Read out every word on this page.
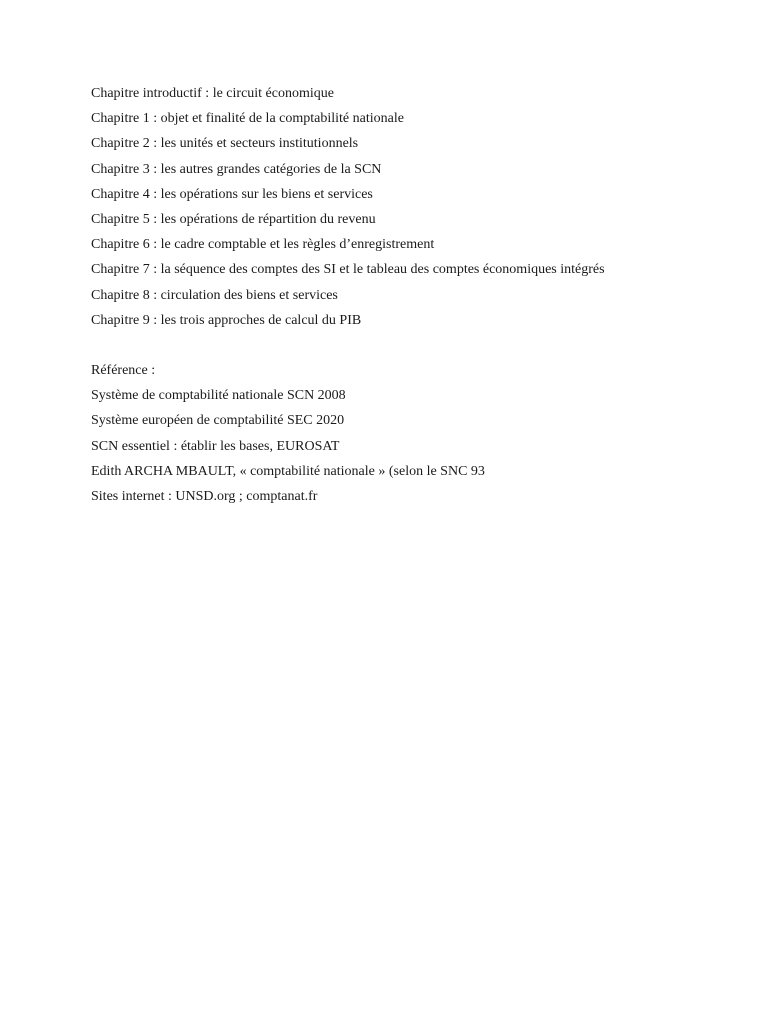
Chapitre introductif : le circuit économique
Chapitre 1 : objet et finalité de la comptabilité nationale
Chapitre 2 : les unités et secteurs institutionnels
Chapitre 3 : les autres grandes catégories de la SCN
Chapitre 4 : les opérations sur les biens et services
Chapitre 5 : les opérations de répartition du revenu
Chapitre 6 : le cadre comptable et les règles d’enregistrement
Chapitre 7 : la séquence des comptes des SI et le tableau des comptes économiques intégrés
Chapitre 8 : circulation des biens et services
Chapitre 9 : les trois approches de calcul du PIB
Référence :
Système de comptabilité nationale SCN 2008
Système européen de comptabilité SEC 2020
SCN essentiel : établir les bases, EUROSAT
Edith ARCHA MBAULT, « comptabilité nationale » (selon le SNC 93
Sites internet : UNSD.org ; comptanat.fr
